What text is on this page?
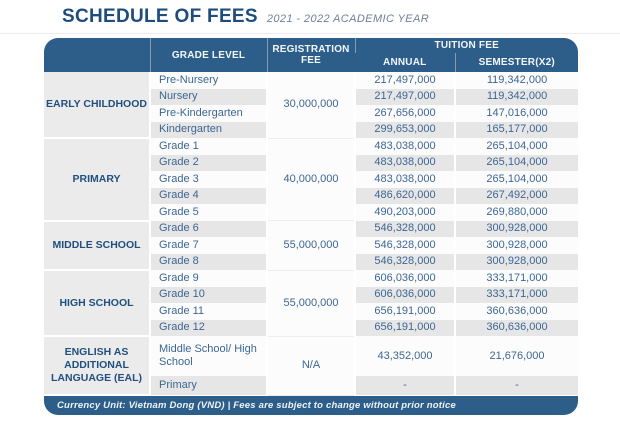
SCHEDULE OF FEES 2021 - 2022 ACADEMIC YEAR
	GRADE LEVEL	REGISTRATION FEE	TUITION FEE	
			ANNUAL	SEMESTER(X2)
EARLY CHILDHOOD	Pre-Nursery	30,000,000	217,497,000	119,342,000
	Nursery		217,497,000	119,342,000
	Pre-Kindergarten		267,656,000	147,016,000
	Kindergarten		299,653,000	165,177,000
PRIMARY	Grade 1	40,000,000	483,038,000	265,104,000
	Grade 2		483,038,000	265,104,000
	Grade 3		483,038,000	265,104,000
	Grade 4		486,620,000	267,492,000
	Grade 5		490,203,000	269,880,000
MIDDLE SCHOOL	Grade 6	55,000,000	546,328,000	300,928,000
	Grade 7		546,328,000	300,928,000
	Grade 8		546,328,000	300,928,000
HIGH SCHOOL	Grade 9	55,000,000	606,036,000	333,171,000
	Grade 10		606,036,000	333,171,000
	Grade 11		656,191,000	360,636,000
	Grade 12		656,191,000	360,636,000
ENGLISH AS ADDITIONAL LANGUAGE (EAL)	Middle School/ High School	N/A	43,352,000	21,676,000
	Primary		-	-
Currency Unit: Vietnam Dong (VND) | Fees are subject to change without prior notice
